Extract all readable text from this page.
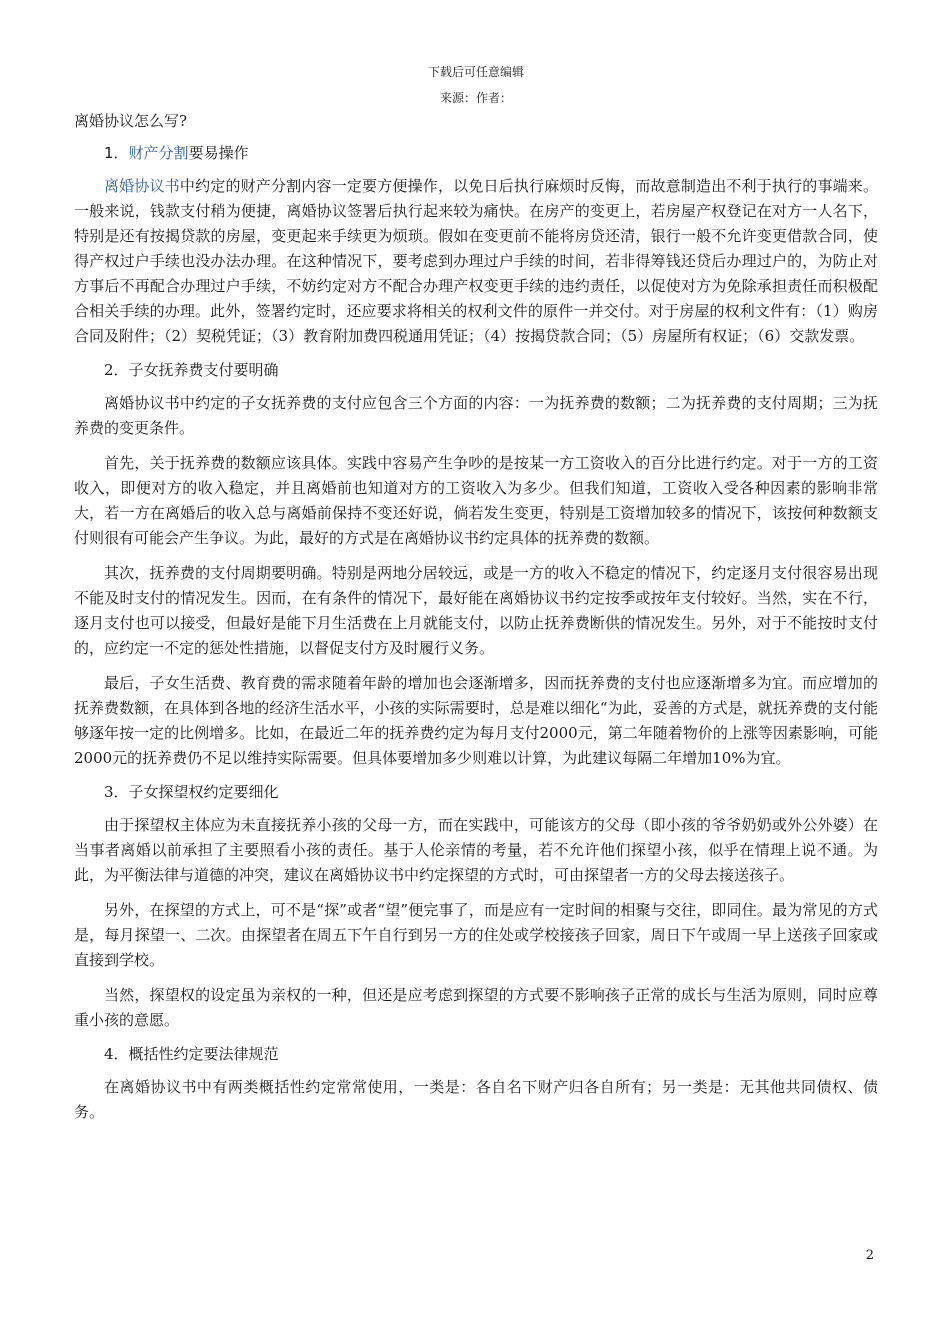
下载后可任意编辑
来源：作者：
离婚协议怎么写?
1．财产分割要易操作
离婚协议书中约定的财产分割内容一定要方便操作，以免日后执行麻烦时反悔，而故意制造出不利于执行的事端来。一般来说，钱款支付稍为便捷，离婚协议签署后执行起来较为痛快。在房产的变更上，若房屋产权登记在对方一人名下，特别是还有按揭贷款的房屋，变更起来手续更为烦琐。假如在变更前不能将房贷还清，银行一般不允许变更借款合同，使得产权过户手续也没办法办理。在这种情况下，要考虑到办理过户手续的时间，若非得筹钱还贷后办理过户的，为防止对方事后不再配合办理过户手续，不妨约定对方不配合办理产权变更手续的违约责任，以促使对方为免除承担责任而积极配合相关手续的办理。此外，签署约定时，还应要求将相关的权利文件的原件一并交付。对于房屋的权利文件有：（1）购房合同及附件；（2）契税凭证；（3）教育附加费四税通用凭证；（4）按揭贷款合同；（5）房屋所有权证；（6）交款发票。
2．子女抚养费支付要明确
离婚协议书中约定的子女抚养费的支付应包含三个方面的内容：一为抚养费的数额；二为抚养费的支付周期；三为抚养费的变更条件。
首先，关于抚养费的数额应该具体。实践中容易产生争吵的是按某一方工资收入的百分比进行约定。对于一方的工资收入，即便对方的收入稳定，并且离婚前也知道对方的工资收入为多少。但我们知道，工资收入受各种因素的影响非常大，若一方在离婚后的收入总与离婚前保持不变还好说，倘若发生变更，特别是工资增加较多的情况下，该按何种数额支付则很有可能会产生争议。为此，最好的方式是在离婚协议书约定具体的抚养费的数额。
其次，抚养费的支付周期要明确。特别是两地分居较远，或是一方的收入不稳定的情况下，约定逐月支付很容易出现不能及时支付的情况发生。因而，在有条件的情况下，最好能在离婚协议书约定按季或按年支付较好。当然，实在不行，逐月支付也可以接受，但最好是能下月生活费在上月就能支付，以防止抚养费断供的情况发生。另外，对于不能按时支付的，应约定一不定的惩处性措施，以督促支付方及时履行义务。
最后，子女生活费、教育费的需求随着年龄的增加也会逐渐增多，因而抚养费的支付也应逐渐增多为宜。而应增加的抚养费数额，在具体到各地的经济生活水平，小孩的实际需要时，总是难以细化“为此，妥善的方式是，就抚养费的支付能够逐年按一定的比例增多。比如，在最近二年的抚养费约定为每月支付2000元，第二年随着物价的上涨等因素影响，可能2000元的抚养费仍不足以维持实际需要。但具体要增加多少则难以计算，为此建议每隔二年增加10%为宜。
3．子女探望权约定要细化
由于探望权主体应为未直接抚养小孩的父母一方，而在实践中，可能该方的父母（即小孩的爷爷奶奶或外公外婆）在当事者离婚以前承担了主要照看小孩的责任。基于人伦亲情的考量，若不允许他们探望小孩，似乎在情理上说不通。为此，为平衡法律与道德的冲突，建议在离婚协议书中约定探望的方式时，可由探望者一方的父母去接送孩子。
另外，在探望的方式上，可不是“探”或者“望”便完事了，而是应有一定时间的相聚与交往，即同住。最为常见的方式是，每月探望一、二次。由探望者在周五下午自行到另一方的住处或学校接孩子回家，周日下午或周一早上送孩子回家或直接到学校。
当然，探望权的设定虽为亲权的一种，但还是应考虑到探望的方式要不影响孩子正常的成长与生活为原则，同时应尊重小孩的意愿。
4．概括性约定要法律规范
在离婚协议书中有两类概括性约定常常使用，一类是：各自名下财产归各自所有；另一类是：无其他共同债权、债务。
2
